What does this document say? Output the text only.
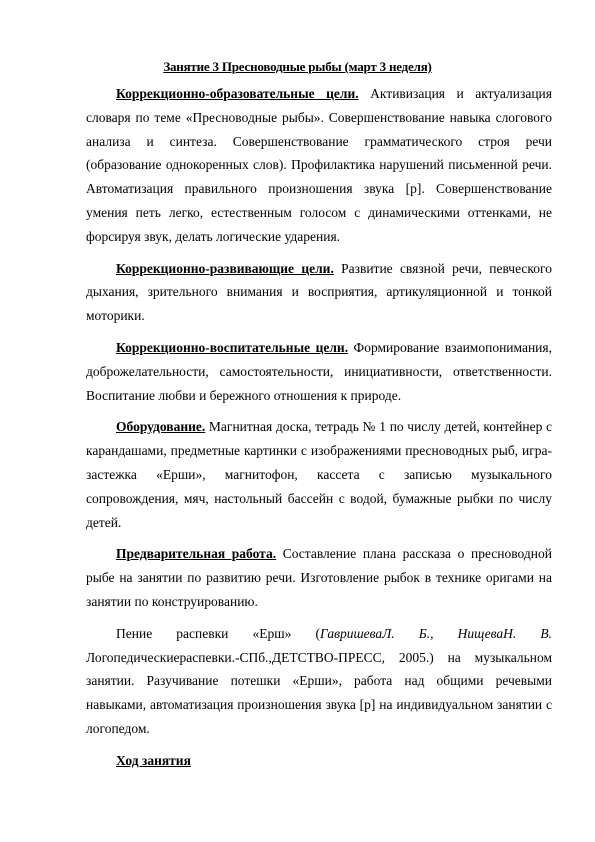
Занятие 3 Пресноводные рыбы (март 3 неделя)

Коррекционно-образовательные цели. Активизация и актуализация словаря по теме «Пресноводные рыбы». Совершенствование навыка слогового анализа и синтеза. Совершенствование грамматического строя речи (образование однокоренных слов). Профилактика нарушений письменной речи. Автоматизация правильного произношения звука [р]. Совершенствование умения петь легко, естественным голосом с динамическими оттенками, не форсируя звук, делать логические ударения.

Коррекционно-развивающие цели. Развитие связной речи, певческого дыхания, зрительного внимания и восприятия, артикуляционной и тонкой моторики.

Коррекционно-воспитательные цели. Формирование взаимопонимания, доброжелательности, самостоятельности, инициативности, ответственности. Воспитание любви и бережного отношения к природе.

Оборудование. Магнитная доска, тетрадь № 1 по числу детей, контейнер с карандашами, предметные картинки с изображениями пресноводных рыб, игра-застежка «Ерши», магнитофон, кассета с записью музыкального сопровождения, мяч, настольный бассейн с водой, бумажные рыбки по числу детей.

Предварительная работа. Составление плана рассказа о пресноводной рыбе на занятии по развитию речи. Изготовление рыбок в технике оригами на занятии по конструированию.

Пение распевки «Ерш» (ГавришеваЛ. Б., НищеваН. В. Логопедическиераспевки.-СПб.,ДЕТСТВО-ПРЕСС, 2005.) на музыкальном занятии. Разучивание потешки «Ерши», работа над общими речевыми навыками, автоматизация произношения звука [р] на индивидуальном занятии с логопедом.

Ход занятия
